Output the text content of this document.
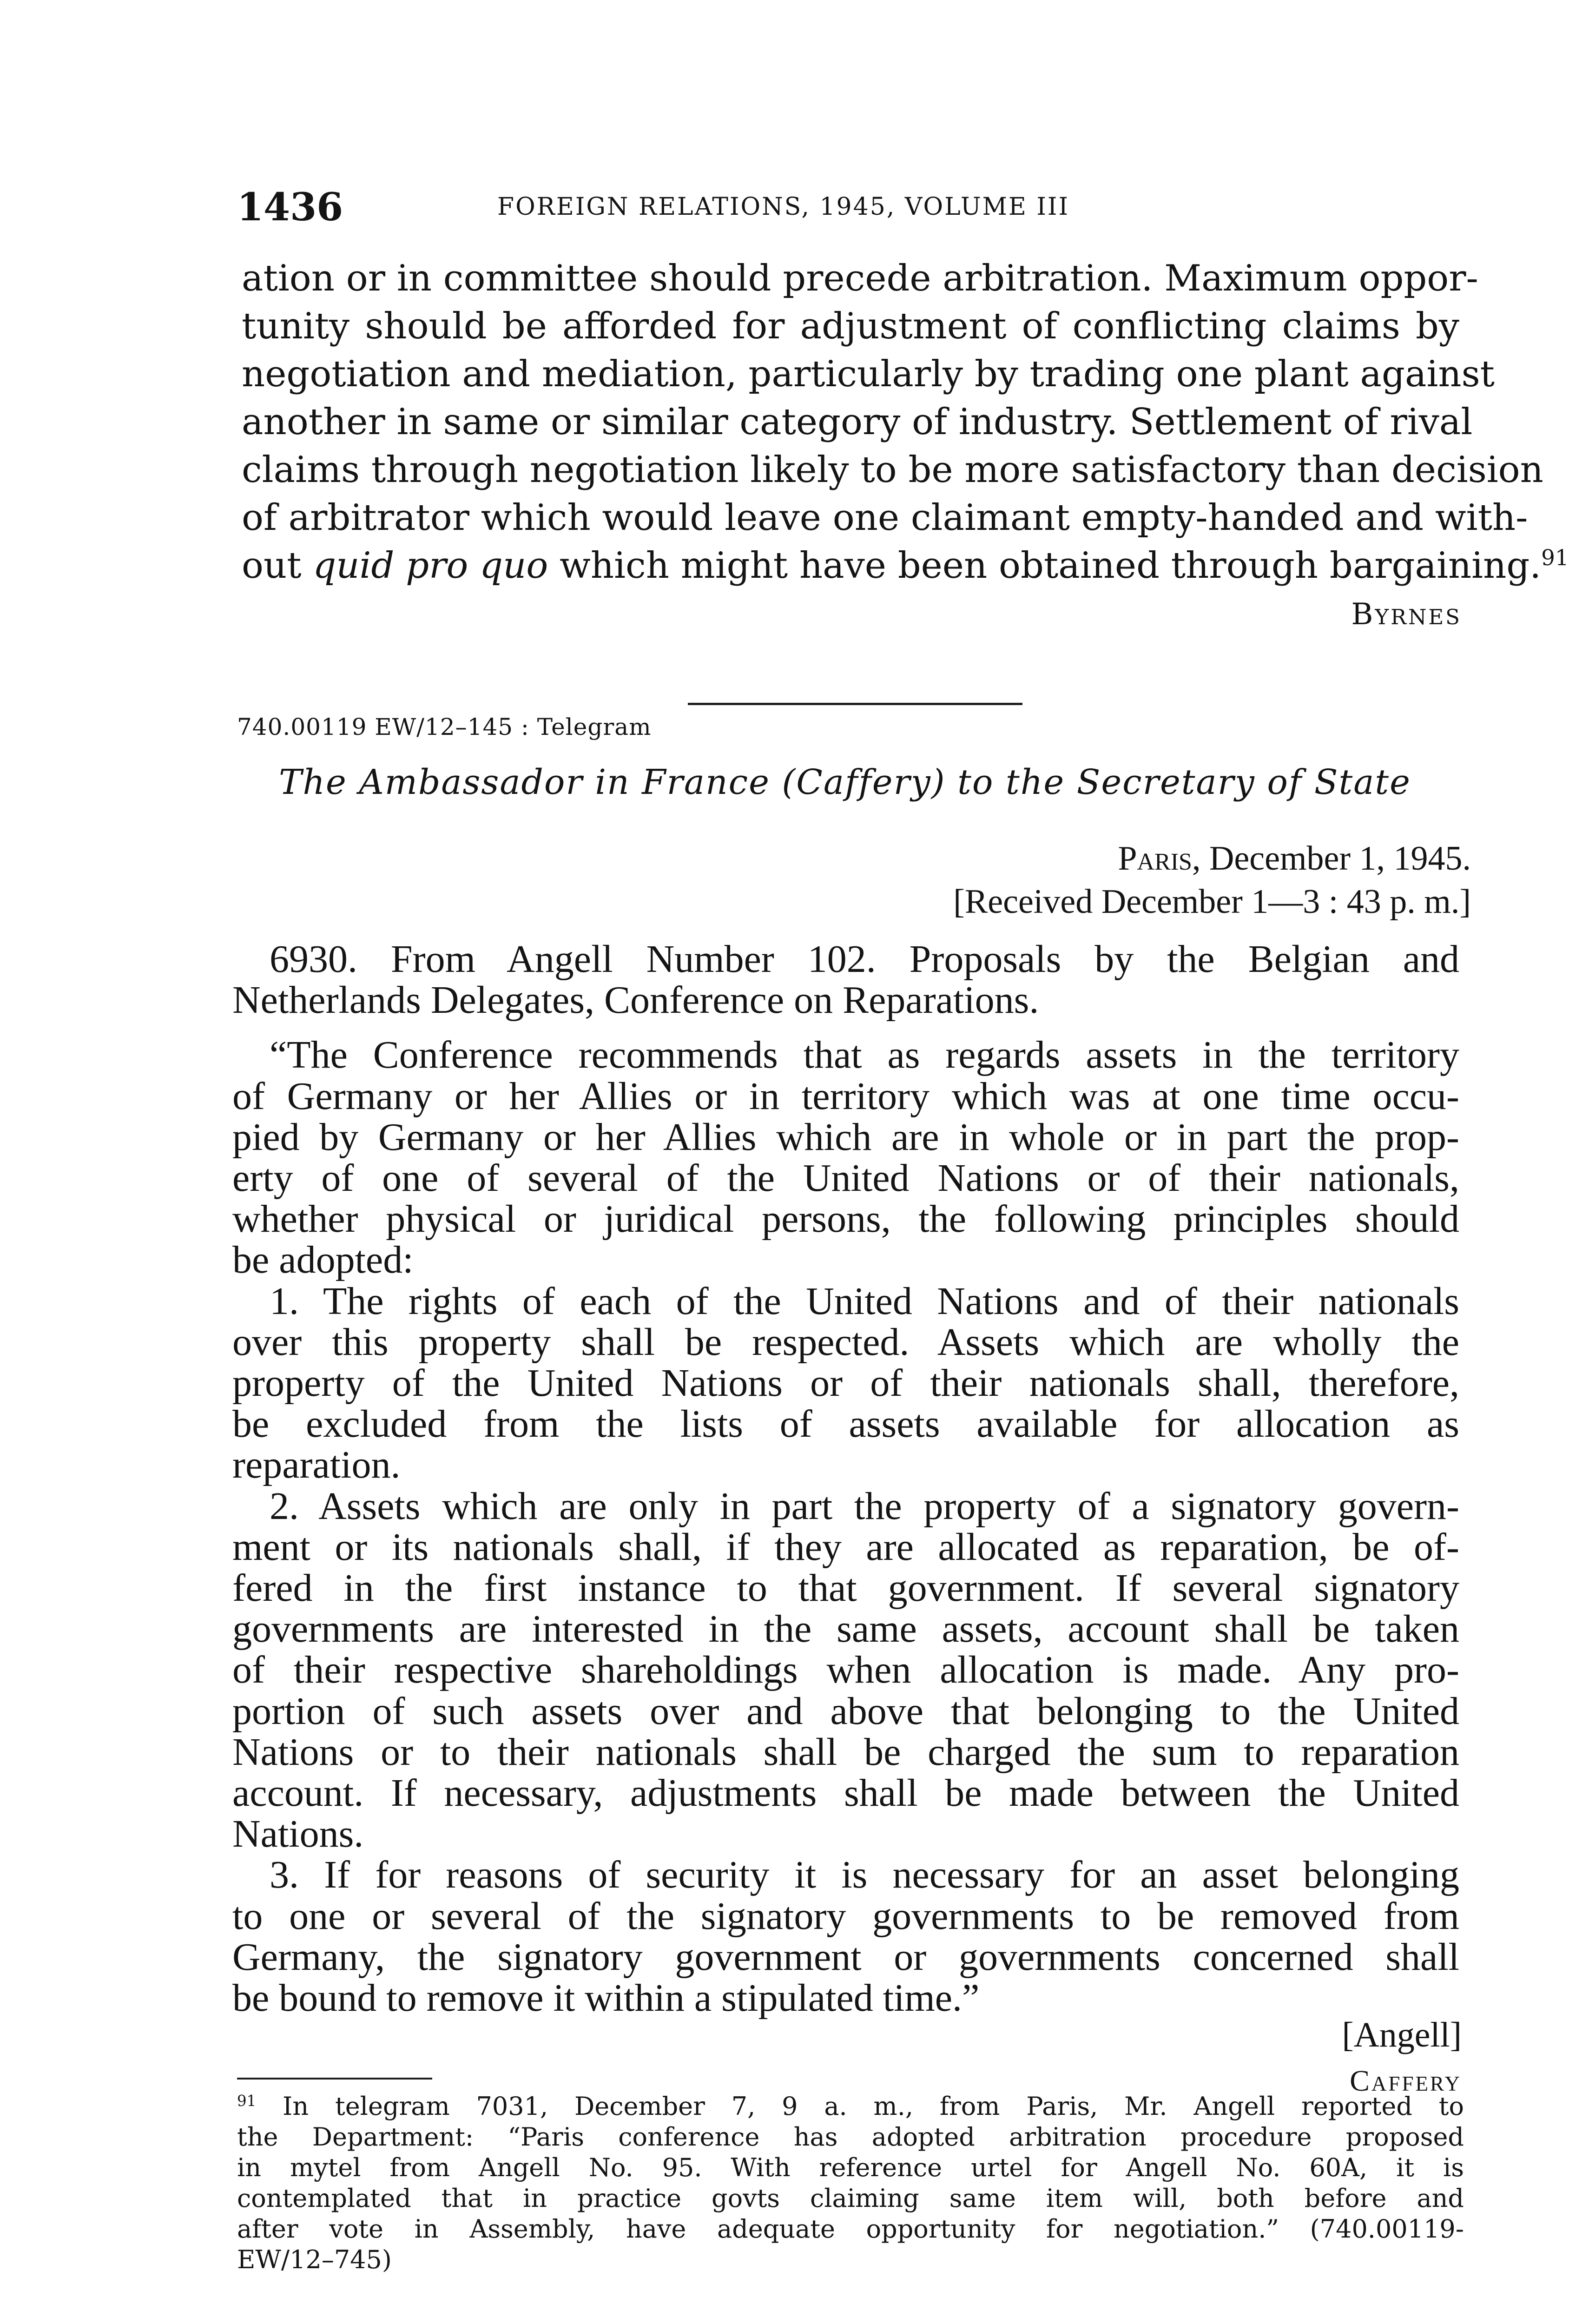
1436	FOREIGN RELATIONS, 1945, VOLUME III
ation or in committee should precede arbitration. Maximum oppor-
tunity should be afforded for adjustment of conflicting claims by
negotiation and mediation, particularly by trading one plant against
another in same or similar category of industry. Settlement of rival
claims through negotiation likely to be more satisfactory than decision
of arbitrator which would leave one claimant empty-handed and with-
out quid pro quo which might have been obtained through bargaining.$^{91}$
Byrnes
740.00119 EW/12–145 : Telegram
The Ambassador in France (Caffery) to the Secretary of State
Paris, December 1, 1945.
[Received December 1—3 : 43 p. m.]
6930. From Angell Number 102. Proposals by the Belgian and
Netherlands Delegates, Conference on Reparations.
“The Conference recommends that as regards assets in the territory
of Germany or her Allies or in territory which was at one time occu-
pied by Germany or her Allies which are in whole or in part the prop-
erty of one of several of the United Nations or of their nationals,
whether physical or juridical persons, the following principles should
be adopted:
1. The rights of each of the United Nations and of their nationals
over this property shall be respected. Assets which are wholly the
property of the United Nations or of their nationals shall, therefore,
be excluded from the lists of assets available for allocation as
reparation.
2. Assets which are only in part the property of a signatory govern-
ment or its nationals shall, if they are allocated as reparation, be of-
fered in the first instance to that government. If several signatory
governments are interested in the same assets, account shall be taken
of their respective shareholdings when allocation is made. Any pro-
portion of such assets over and above that belonging to the United
Nations or to their nationals shall be charged the sum to reparation
account. If necessary, adjustments shall be made between the United
Nations.
3. If for reasons of security it is necessary for an asset belonging
to one or several of the signatory governments to be removed from
Germany, the signatory government or governments concerned shall
be bound to remove it within a stipulated time.”
[Angell]
Caffery
$^{91}$ In telegram 7031, December 7, 9 a. m., from Paris, Mr. Angell reported to
the Department: “Paris conference has adopted arbitration procedure proposed
in mytel from Angell No. 95. With reference urtel for Angell No. 60A, it is
contemplated that in practice govts claiming same item will, both before and
after vote in Assembly, have adequate opportunity for negotiation.” (740.00119-
EW/12–745)
